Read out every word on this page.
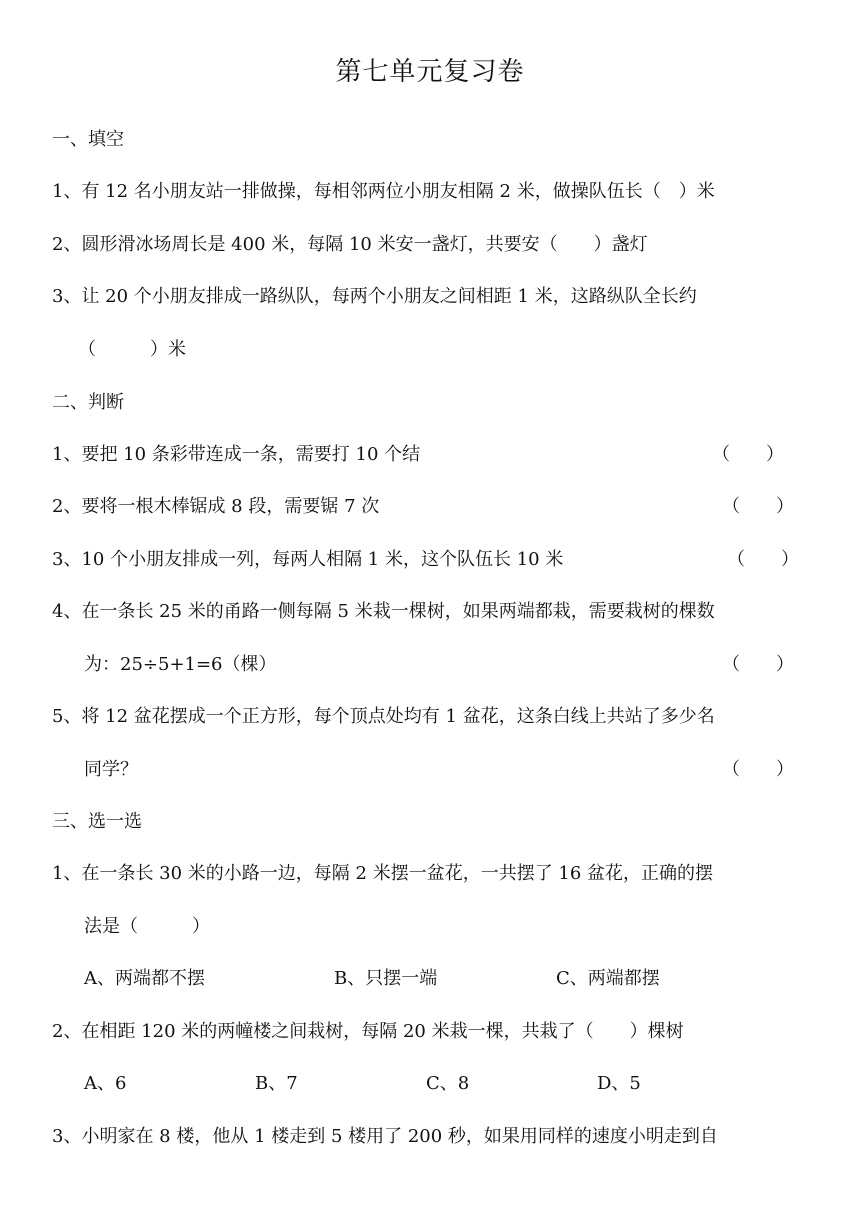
第七单元复习卷
一、填空
1、有 12 名小朋友站一排做操，每相邻两位小朋友相隔 2 米，做操队伍长（　）米
2、圆形滑冰场周长是 400 米，每隔 10 米安一盏灯，共要安（　　）盏灯
3、让 20 个小朋友排成一路纵队，每两个小朋友之间相距 1 米，这路纵队全长约
（　　　）米
二、判断
1、要把 10 条彩带连成一条，需要打 10 个结	（　　）
2、要将一根木棒锯成 8 段，需要锯 7 次	（　　）
3、10 个小朋友排成一列，每两人相隔 1 米，这个队伍长 10 米	（　　）
4、在一条长 25 米的甬路一侧每隔 5 米栽一棵树，如果两端都栽，需要栽树的棵数
为：25÷5+1=6（棵）	（　　）
5、将 12 盆花摆成一个正方形，每个顶点处均有 1 盆花，这条白线上共站了多少名
同学？	（　　）
三、选一选
1、在一条长 30 米的小路一边，每隔 2 米摆一盆花，一共摆了 16 盆花，正确的摆
法是（　　　）
A、两端都不摆	B、只摆一端	C、两端都摆
2、在相距 120 米的两幢楼之间栽树，每隔 20 米栽一棵，共栽了（　　）棵树
A、6	B、7	C、8	D、5
3、小明家在 8 楼，他从 1 楼走到 5 楼用了 200 秒，如果用同样的速度小明走到自
